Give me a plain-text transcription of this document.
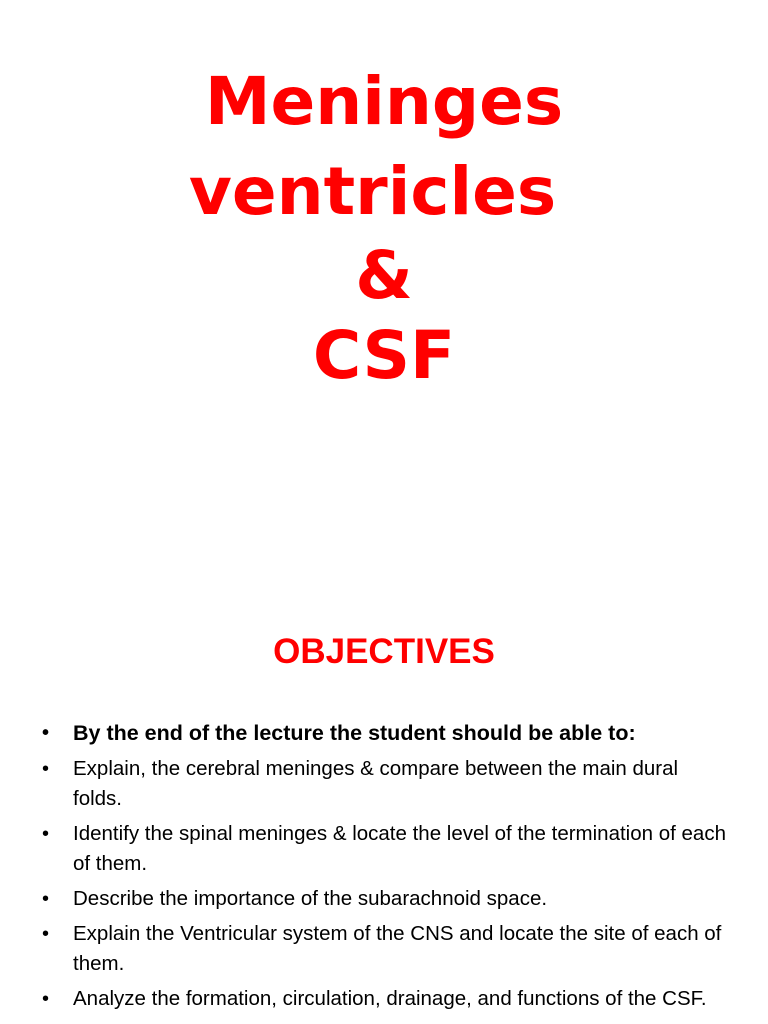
Meninges
ventricles
&
CSF
OBJECTIVES
•	By the end of the lecture the student should be able to:
•	Explain, the cerebral meninges & compare between the main dural folds.
•	Identify the spinal meninges & locate the level of the termination of each of them.
•	Describe the importance of the subarachnoid space.
•	Explain the Ventricular system of the CNS and locate the site of each of them.
•	Analyze the formation, circulation, drainage, and functions of the CSF.
